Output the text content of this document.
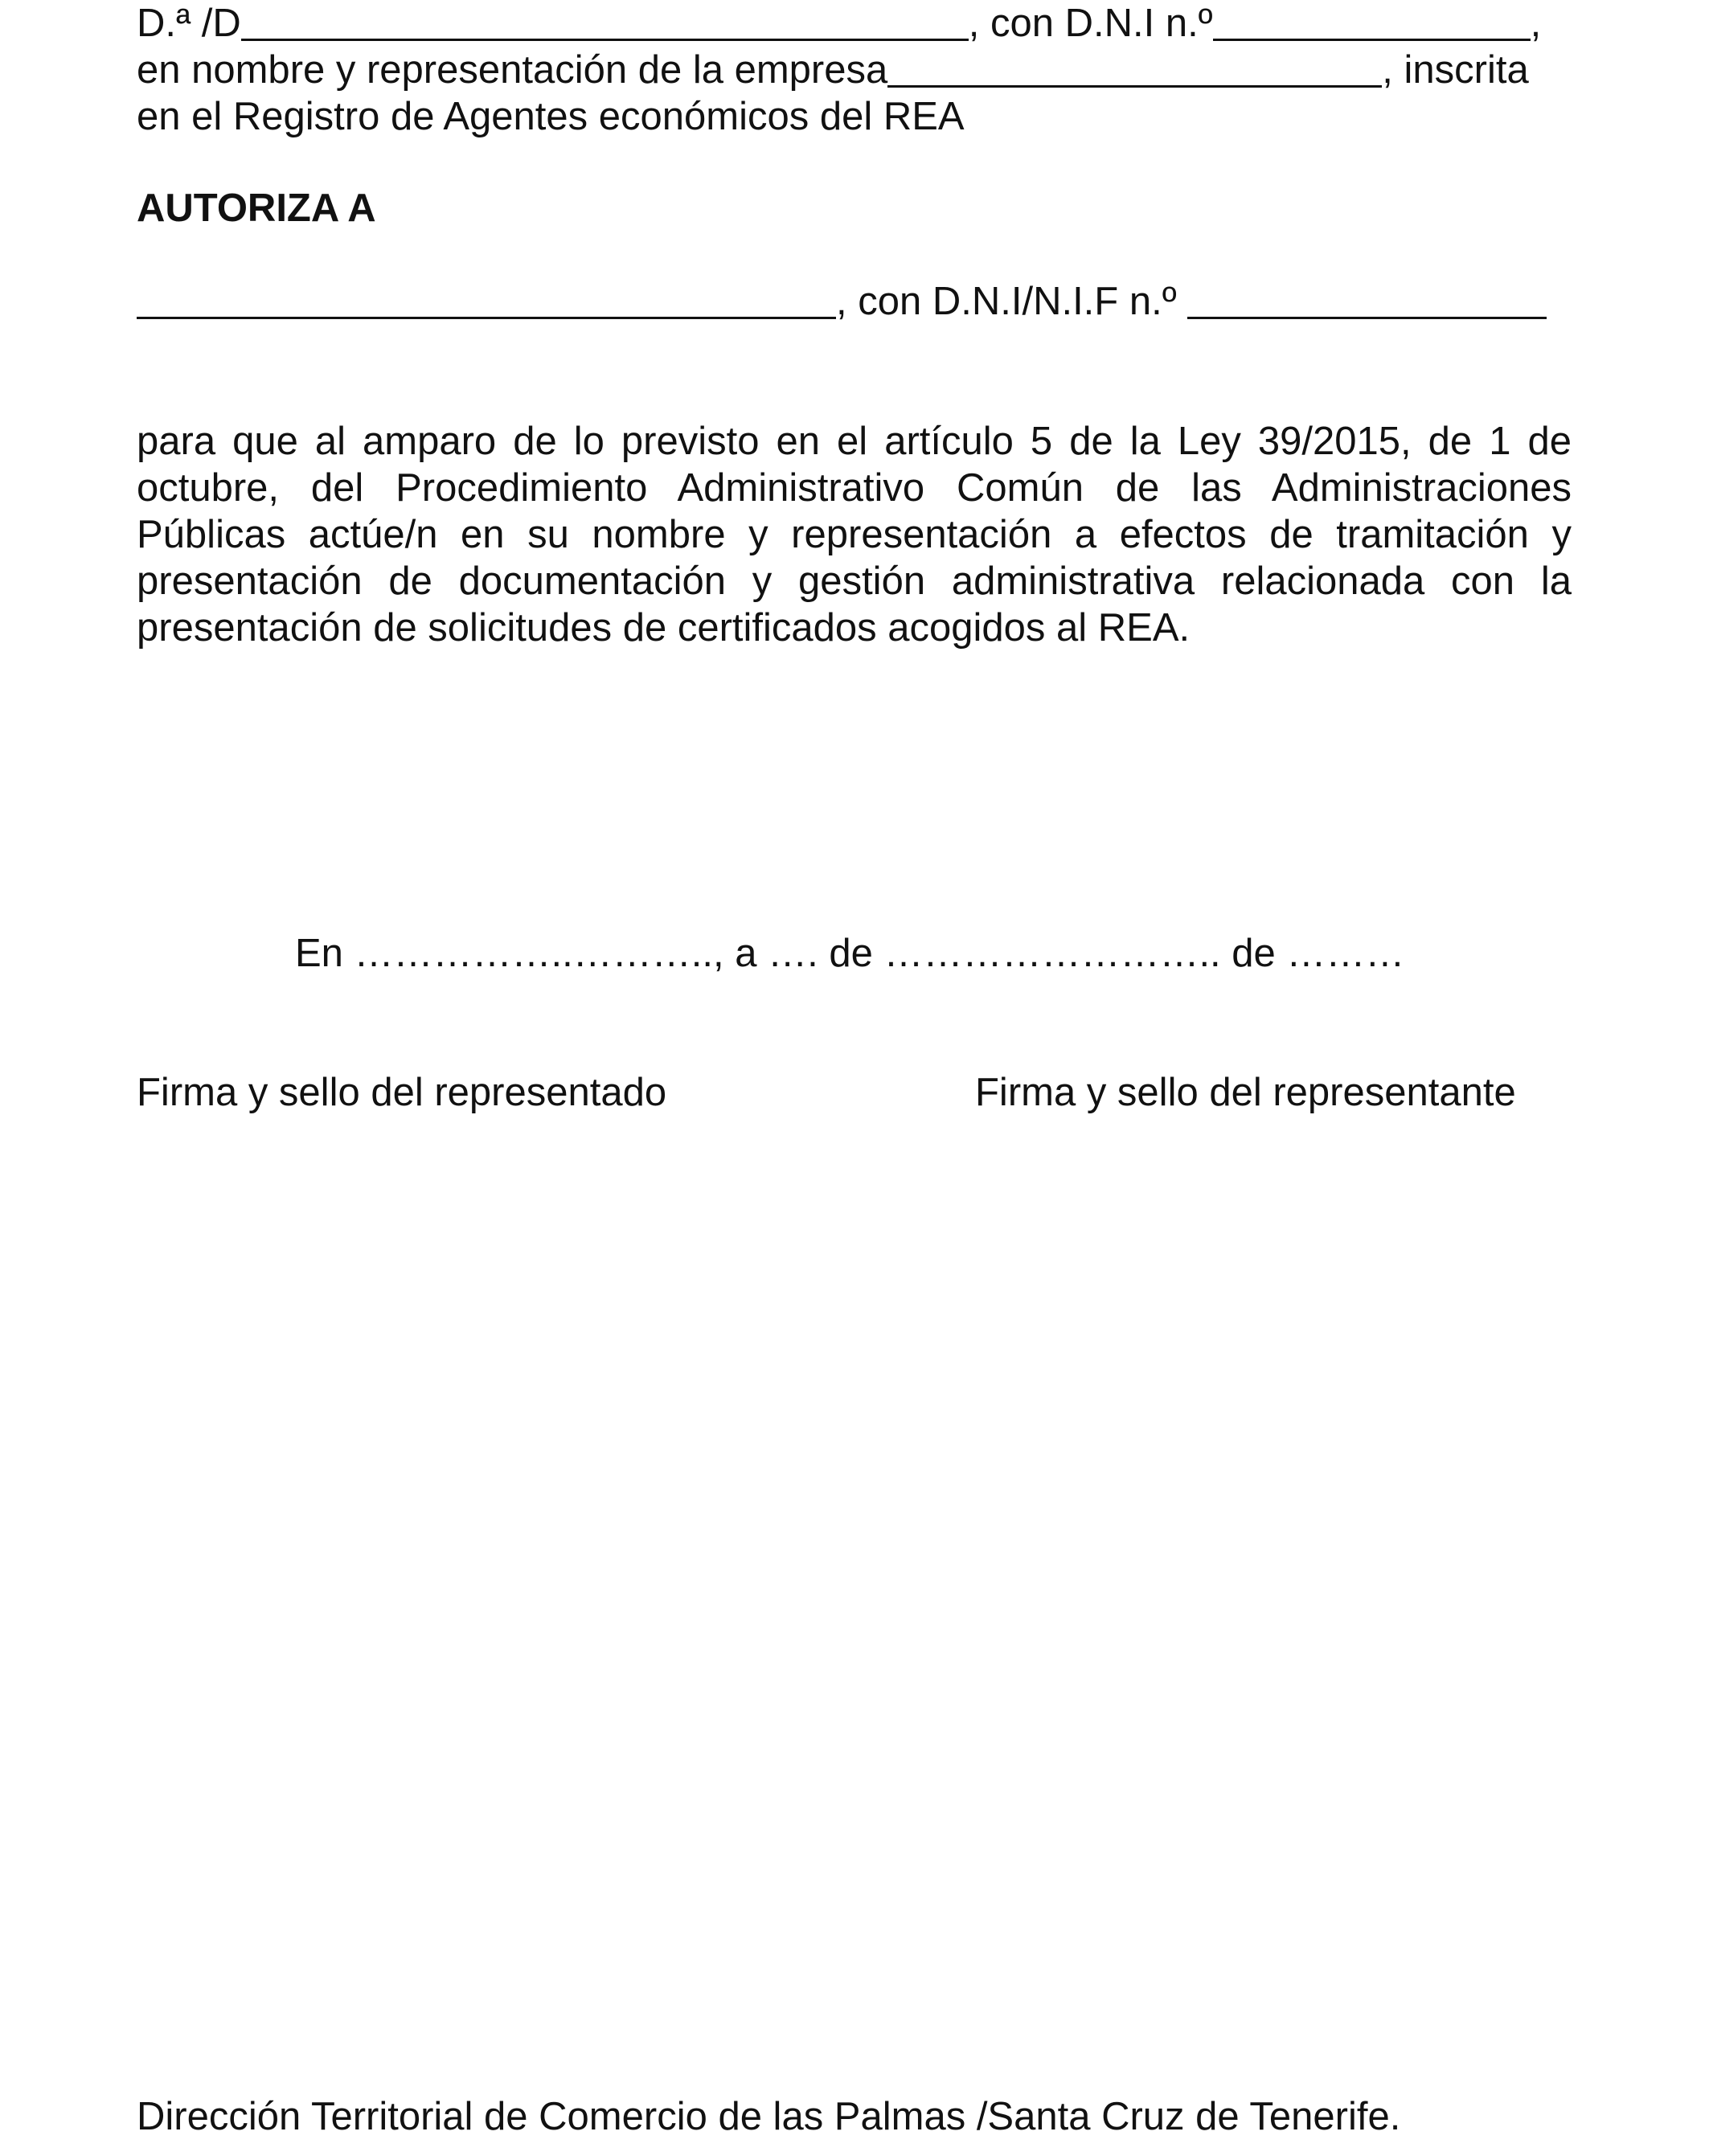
D.ª /D	, con D.N.I n.º	,
en nombre y representación de la empresa	, inscrita
en el Registro de Agentes económicos del REA
AUTORIZA A
, con D.N.I/N.I.F n.º
para que al amparo de lo previsto en el artículo 5 de la Ley 39/2015, de 1 de
octubre, del Procedimiento Administrativo Común de las Administraciones
Públicas actúe/n en su nombre y representación a efectos de tramitación y
presentación de documentación y gestión administrativa relacionada con la
presentación de solicitudes de certificados acogidos al REA.
En ……………..……….., a …. de …………………….. de ………
Firma y sello del representado	Firma y sello del representante
Dirección Territorial de Comercio de las Palmas /Santa Cruz de Tenerife.
